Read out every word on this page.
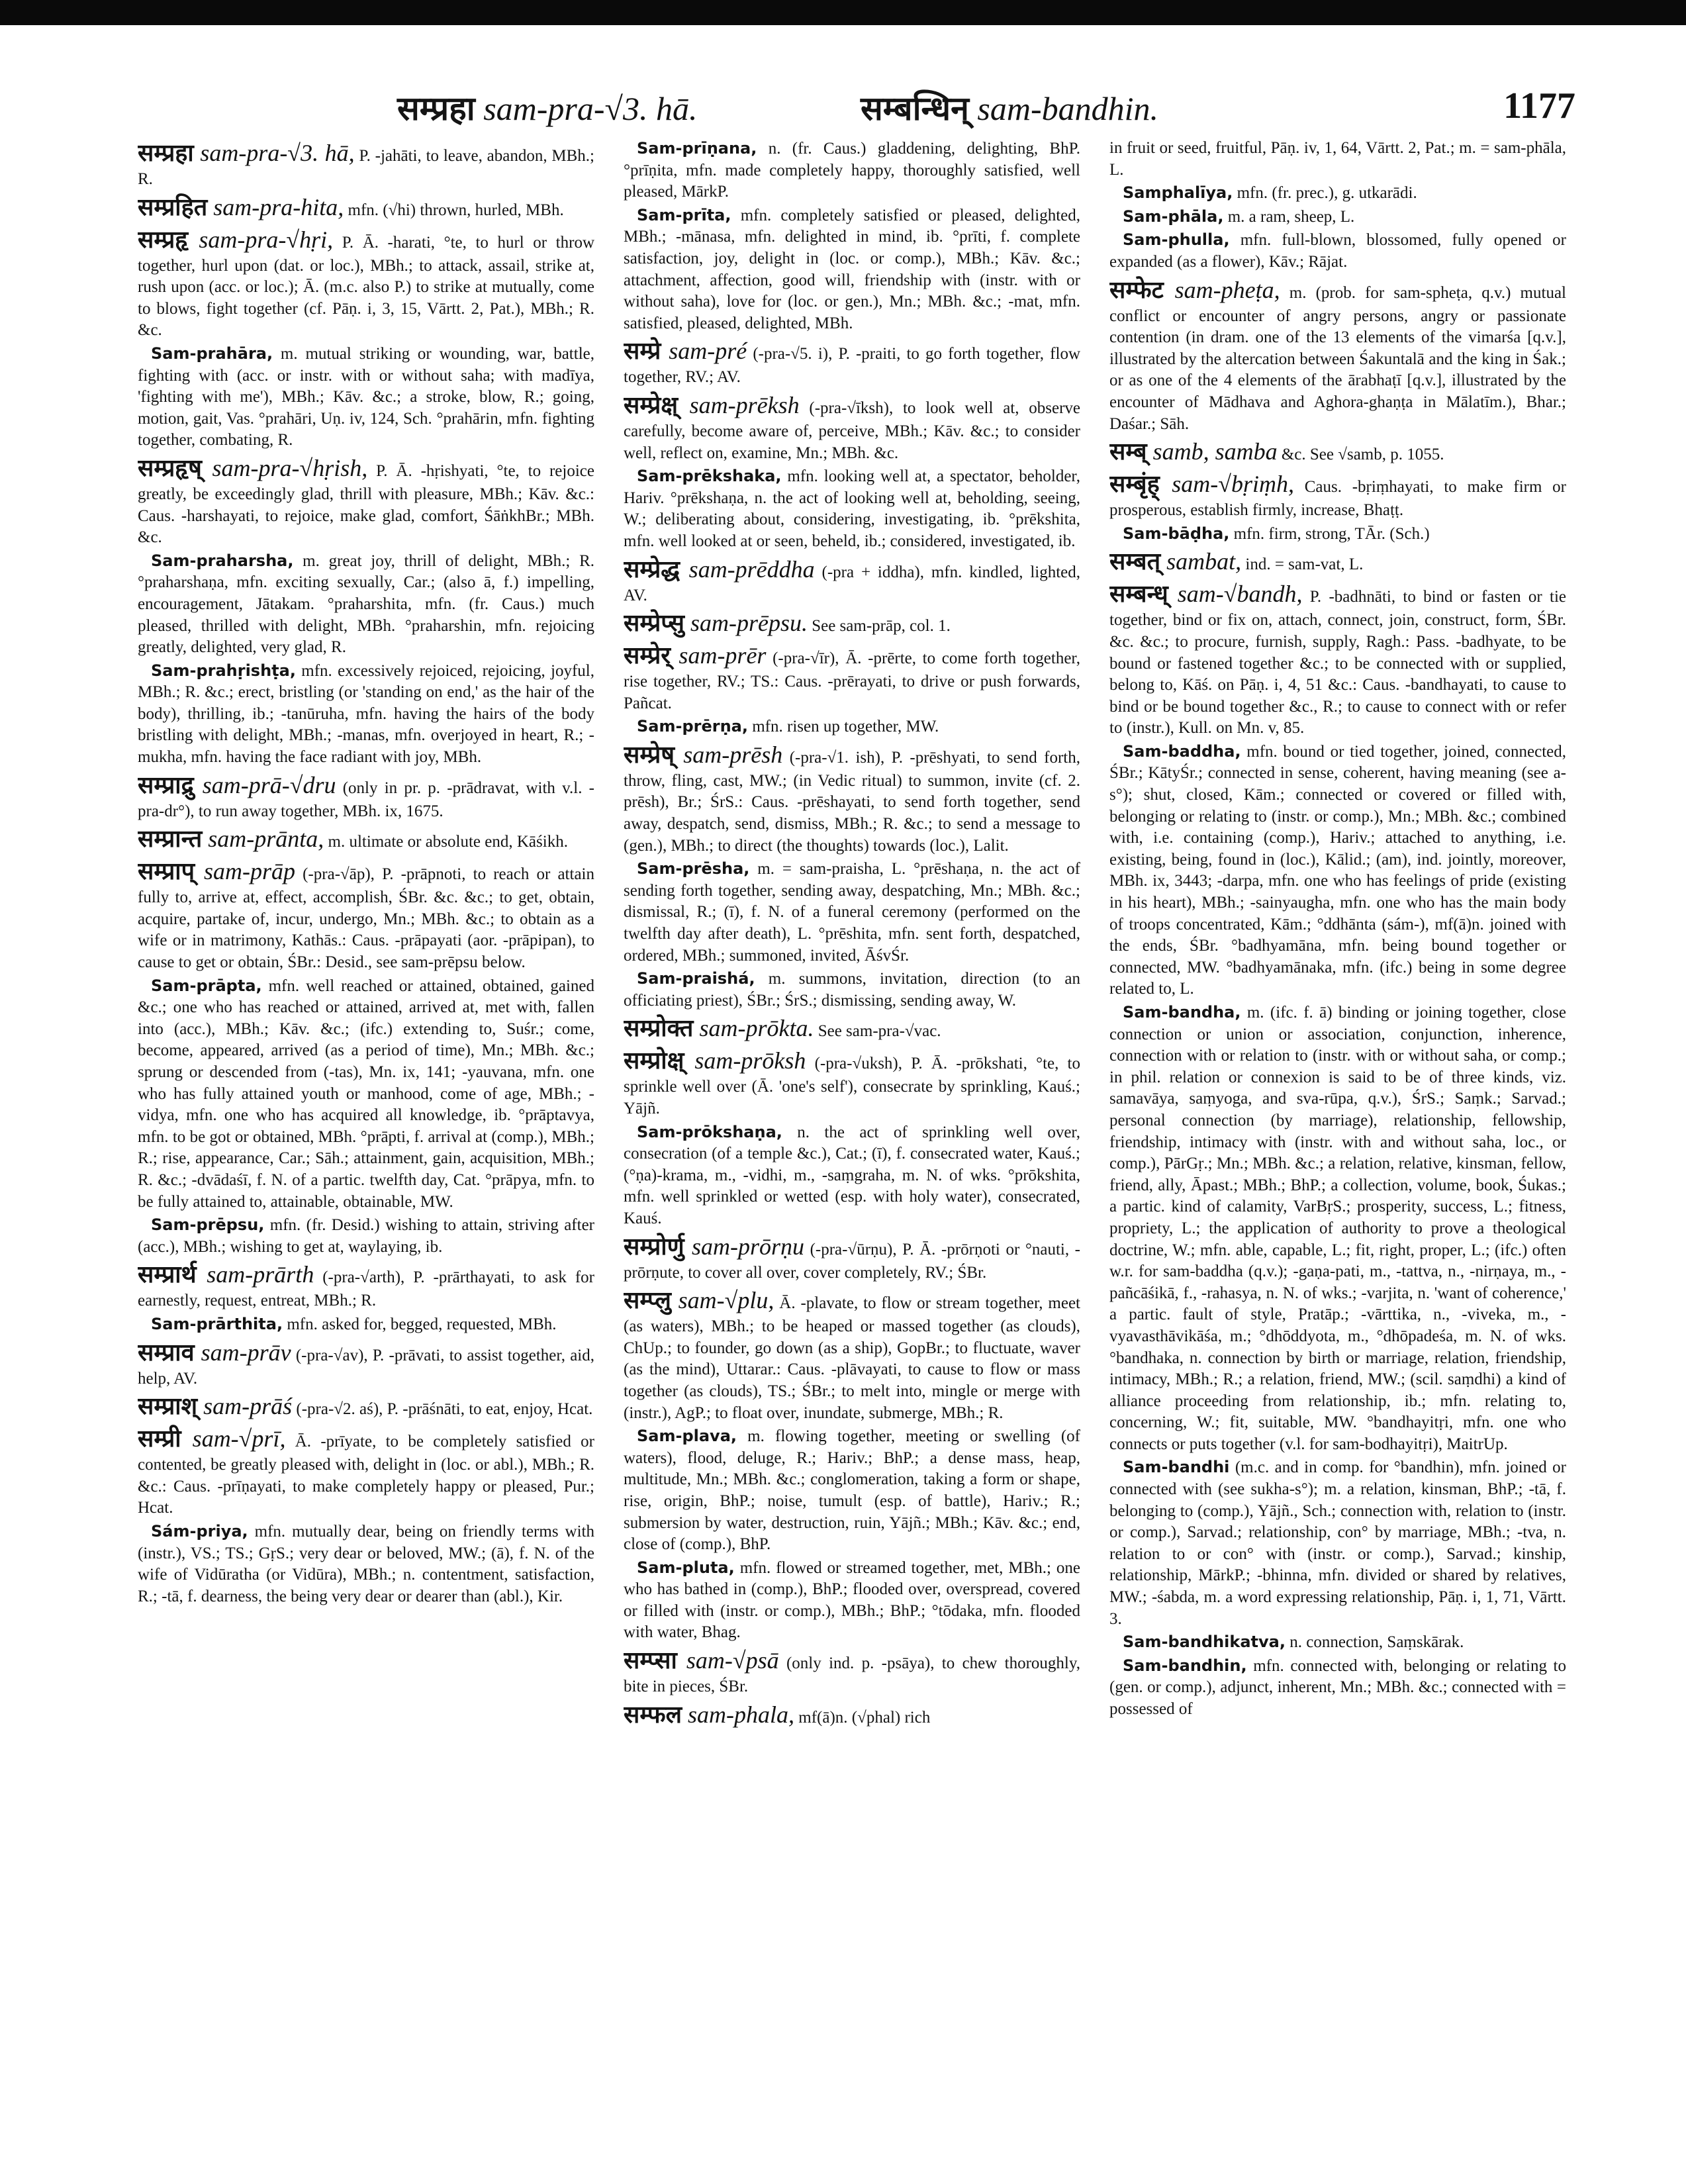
सम्प्रहा sam-pra-√3. hā.	सम्बन्धिन् sam-bandhin.	1177

सम्प्रहा sam-pra-√3. hā, P. -jahāti, to leave, abandon, MBh.; R.

सम्प्रहित sam-pra-hita, mfn. (√hi) thrown, hurled, MBh.

सम्प्रहृ sam-pra-√hṛi, P. Ā. -harati, °te, to hurl or throw together, hurl upon (dat. or loc.), MBh.; to attack, assail, strike at, rush upon (acc. or loc.); Ā. (m.c. also P.) to strike at mutually, come to blows, fight together (cf. Pāṇ. i, 3, 15, Vārtt. 2, Pat.), MBh.; R. &c.

Sam-prahāra, m. mutual striking or wounding, war, battle, fighting with (acc. or instr. with or without saha; with madīya, 'fighting with me'), MBh.; Kāv. &c.; a stroke, blow, R.; going, motion, gait, Vas. °prahāri, Uṇ. iv, 124, Sch. °prahārin, mfn. fighting together, combating, R.

सम्प्रहृष् sam-pra-√hṛish, P. Ā. -hṛishyati, °te, to rejoice greatly, be exceedingly glad, thrill with pleasure, MBh.; Kāv. &c.: Caus. -harshayati, to rejoice, make glad, comfort, ŚāṅkhBr.; MBh. &c.

Sam-praharsha, m. great joy, thrill of delight, MBh.; R. °praharshaṇa, mfn. exciting sexually, Car.; (also ā, f.) impelling, encouragement, Jātakam. °praharshita, mfn. (fr. Caus.) much pleased, thrilled with delight, MBh. °praharshin, mfn. rejoicing greatly, delighted, very glad, R.

Sam-prahṛishṭa, mfn. excessively rejoiced, rejoicing, joyful, MBh.; R. &c.; erect, bristling (or 'standing on end,' as the hair of the body), thrilling, ib.; -tanūruha, mfn. having the hairs of the body bristling with delight, MBh.; -manas, mfn. overjoyed in heart, R.; -mukha, mfn. having the face radiant with joy, MBh.

सम्प्राद्रु sam-prā-√dru (only in pr. p. -prādravat, with v.l. -pra-dr°), to run away together, MBh. ix, 1675.

सम्प्रान्त sam-prānta, m. ultimate or absolute end, Kāśikh.

सम्प्राप् sam-prāp (-pra-√āp), P. -prāpnoti, to reach or attain fully to, arrive at, effect, accomplish, ŚBr. &c. &c.; to get, obtain, acquire, partake of, incur, undergo, Mn.; MBh. &c.; to obtain as a wife or in matrimony, Kathās.: Caus. -prāpayati (aor. -prāpipan), to cause to get or obtain, ŚBr.: Desid., see sam-prēpsu below.

Sam-prāpta, mfn. well reached or attained, obtained, gained &c.; one who has reached or attained, arrived at, met with, fallen into (acc.), MBh.; Kāv. &c.; (ifc.) extending to, Suśr.; come, become, appeared, arrived (as a period of time), Mn.; MBh. &c.; sprung or descended from (-tas), Mn. ix, 141; -yauvana, mfn. one who has fully attained youth or manhood, come of age, MBh.; -vidya, mfn. one who has acquired all knowledge, ib. °prāptavya, mfn. to be got or obtained, MBh. °prāpti, f. arrival at (comp.), MBh.; R.; rise, appearance, Car.; Sāh.; attainment, gain, acquisition, MBh.; R. &c.; -dvādaśī, f. N. of a partic. twelfth day, Cat. °prāpya, mfn. to be fully attained to, attainable, obtainable, MW.

Sam-prēpsu, mfn. (fr. Desid.) wishing to attain, striving after (acc.), MBh.; wishing to get at, waylaying, ib.

सम्प्रार्थ sam-prārth (-pra-√arth), P. -prārthayati, to ask for earnestly, request, entreat, MBh.; R.

Sam-prārthita, mfn. asked for, begged, requested, MBh.

सम्प्राव sam-prāv (-pra-√av), P. -prāvati, to assist together, aid, help, AV.

सम्प्राश् sam-prāś (-pra-√2. aś), P. -prāśnāti, to eat, enjoy, Hcat.

सम्प्री sam-√prī, Ā. -prīyate, to be completely satisfied or contented, be greatly pleased with, delight in (loc. or abl.), MBh.; R. &c.: Caus. -prīṇayati, to make completely happy or pleased, Pur.; Hcat.

Sám-priya, mfn. mutually dear, being on friendly terms with (instr.), VS.; TS.; GṛS.; very dear or beloved, MW.; (ā), f. N. of the wife of Vidūratha (or Vidūra), MBh.; n. contentment, satisfaction, R.; -tā, f. dearness, the being very dear or dearer than (abl.), Kir.

Sam-prīṇana, n. (fr. Caus.) gladdening, delighting, BhP. °prīṇita, mfn. made completely happy, thoroughly satisfied, well pleased, MārkP.

Sam-prīta, mfn. completely satisfied or pleased, delighted, MBh.; -mānasa, mfn. delighted in mind, ib. °prīti, f. complete satisfaction, joy, delight in (loc. or comp.), MBh.; Kāv. &c.; attachment, affection, good will, friendship with (instr. with or without saha), love for (loc. or gen.), Mn.; MBh. &c.; -mat, mfn. satisfied, pleased, delighted, MBh.

सम्प्रे sam-pré (-pra-√5. i), P. -praiti, to go forth together, flow together, RV.; AV.

सम्प्रेक्ष् sam-prēksh (-pra-√īksh), to look well at, observe carefully, become aware of, perceive, MBh.; Kāv. &c.; to consider well, reflect on, examine, Mn.; MBh. &c.

Sam-prēkshaka, mfn. looking well at, a spectator, beholder, Hariv. °prēkshaṇa, n. the act of looking well at, beholding, seeing, W.; deliberating about, considering, investigating, ib. °prēkshita, mfn. well looked at or seen, beheld, ib.; considered, investigated, ib.

सम्प्रेद्ध sam-prēddha (-pra + iddha), mfn. kindled, lighted, AV.

सम्प्रेप्सु sam-prēpsu. See sam-prāp, col. 1.

सम्प्रेर् sam-prēr (-pra-√īr), Ā. -prērte, to come forth together, rise together, RV.; TS.: Caus. -prērayati, to drive or push forwards, Pañcat.

Sam-prērṇa, mfn. risen up together, MW.

सम्प्रेष् sam-prēsh (-pra-√1. ish), P. -prēshyati, to send forth, throw, fling, cast, MW.; (in Vedic ritual) to summon, invite (cf. 2. prēsh), Br.; ŚrS.: Caus. -prēshayati, to send forth together, send away, despatch, send, dismiss, MBh.; R. &c.; to send a message to (gen.), MBh.; to direct (the thoughts) towards (loc.), Lalit.

Sam-prēsha, m. = sam-praisha, L. °prēshaṇa, n. the act of sending forth together, sending away, despatching, Mn.; MBh. &c.; dismissal, R.; (ī), f. N. of a funeral ceremony (performed on the twelfth day after death), L. °prēshita, mfn. sent forth, despatched, ordered, MBh.; summoned, invited, ĀśvŚr.

Sam-praishá, m. summons, invitation, direction (to an officiating priest), ŚBr.; ŚrS.; dismissing, sending away, W.

सम्प्रोक्त sam-prōkta. See sam-pra-√vac.

सम्प्रोक्ष् sam-prōksh (-pra-√uksh), P. Ā. -prōkshati, °te, to sprinkle well over (Ā. 'one's self'), consecrate by sprinkling, Kauś.; Yājñ.

Sam-prōkshaṇa, n. the act of sprinkling well over, consecration (of a temple &c.), Cat.; (ī), f. consecrated water, Kauś.; (°ṇa)-krama, m., -vidhi, m., -saṃgraha, m. N. of wks. °prōkshita, mfn. well sprinkled or wetted (esp. with holy water), consecrated, Kauś.

सम्प्रोर्णु sam-prōrṇu (-pra-√ūrṇu), P. Ā. -prōrṇoti or °nauti, -prōrṇute, to cover all over, cover completely, RV.; ŚBr.

सम्प्लु sam-√plu, Ā. -plavate, to flow or stream together, meet (as waters), MBh.; to be heaped or massed together (as clouds), ChUp.; to founder, go down (as a ship), GopBr.; to fluctuate, waver (as the mind), Uttarar.: Caus. -plāvayati, to cause to flow or mass together (as clouds), TS.; ŚBr.; to melt into, mingle or merge with (instr.), AgP.; to float over, inundate, submerge, MBh.; R.

Sam-plava, m. flowing together, meeting or swelling (of waters), flood, deluge, R.; Hariv.; BhP.; a dense mass, heap, multitude, Mn.; MBh. &c.; conglomeration, taking a form or shape, rise, origin, BhP.; noise, tumult (esp. of battle), Hariv.; R.; submersion by water, destruction, ruin, Yājñ.; MBh.; Kāv. &c.; end, close of (comp.), BhP.

Sam-pluta, mfn. flowed or streamed together, met, MBh.; one who has bathed in (comp.), BhP.; flooded over, overspread, covered or filled with (instr. or comp.), MBh.; BhP.; °tōdaka, mfn. flooded with water, Bhag.

सम्प्सा sam-√psā (only ind. p. -psāya), to chew thoroughly, bite in pieces, ŚBr.

सम्फल sam-phala, mf(ā)n. (√phal) rich

in fruit or seed, fruitful, Pāṇ. iv, 1, 64, Vārtt. 2, Pat.; m. = sam-phāla, L.

Samphalīya, mfn. (fr. prec.), g. utkarādi.

Sam-phāla, m. a ram, sheep, L.

Sam-phulla, mfn. full-blown, blossomed, fully opened or expanded (as a flower), Kāv.; Rājat.

सम्फेट sam-pheṭa, m. (prob. for sam-spheṭa, q.v.) mutual conflict or encounter of angry persons, angry or passionate contention (in dram. one of the 13 elements of the vimarśa [q.v.], illustrated by the altercation between Śakuntalā and the king in Śak.; or as one of the 4 elements of the ārabhaṭī [q.v.], illustrated by the encounter of Mādhava and Aghora-ghaṇṭa in Mālatīm.), Bhar.; Daśar.; Sāh.

सम्ब् samb, samba &c. See √samb, p. 1055.

सम्बृंह् sam-√bṛiṃh, Caus. -bṛiṃhayati, to make firm or prosperous, establish firmly, increase, Bhaṭṭ.

Sam-bāḍha, mfn. firm, strong, TĀr. (Sch.)

सम्बत् sambat, ind. = sam-vat, L.

सम्बन्ध् sam-√bandh, P. -badhnāti, to bind or fasten or tie together, bind or fix on, attach, connect, join, construct, form, ŚBr. &c. &c.; to procure, furnish, supply, Ragh.: Pass. -badhyate, to be bound or fastened together &c.; to be connected with or supplied, belong to, Kāś. on Pāṇ. i, 4, 51 &c.: Caus. -bandhayati, to cause to bind or be bound together &c., R.; to cause to connect with or refer to (instr.), Kull. on Mn. v, 85.

Sam-baddha, mfn. bound or tied together, joined, connected, ŚBr.; KātyŚr.; connected in sense, coherent, having meaning (see a-s°); shut, closed, Kām.; connected or covered or filled with, belonging or relating to (instr. or comp.), Mn.; MBh. &c.; combined with, i.e. containing (comp.), Hariv.; attached to anything, i.e. existing, being, found in (loc.), Kālid.; (am), ind. jointly, moreover, MBh. ix, 3443; -darpa, mfn. one who has feelings of pride (existing in his heart), MBh.; -sainyaugha, mfn. one who has the main body of troops concentrated, Kām.; °ddhānta (sám-), mf(ā)n. joined with the ends, ŚBr. °badhyamāna, mfn. being bound together or connected, MW. °badhyamānaka, mfn. (ifc.) being in some degree related to, L.

Sam-bandha, m. (ifc. f. ā) binding or joining together, close connection or union or association, conjunction, inherence, connection with or relation to (instr. with or without saha, or comp.; in phil. relation or connexion is said to be of three kinds, viz. samavāya, saṃyoga, and sva-rūpa, q.v.), ŚrS.; Saṃk.; Sarvad.; personal connection (by marriage), relationship, fellowship, friendship, intimacy with (instr. with and without saha, loc., or comp.), PārGṛ.; Mn.; MBh. &c.; a relation, relative, kinsman, fellow, friend, ally, Āpast.; MBh.; BhP.; a collection, volume, book, Śukas.; a partic. kind of calamity, VarBṛS.; prosperity, success, L.; fitness, propriety, L.; the application of authority to prove a theological doctrine, W.; mfn. able, capable, L.; fit, right, proper, L.; (ifc.) often w.r. for sam-baddha (q.v.); -gaṇa-pati, m., -tattva, n., -nirṇaya, m., -pañcāśikā, f., -rahasya, n. N. of wks.; -varjita, n. 'want of coherence,' a partic. fault of style, Pratāp.; -vārttika, n., -viveka, m., -vyavasthāvikāśa, m.; °dhōddyota, m., °dhōpadeśa, m. N. of wks. °bandhaka, n. connection by birth or marriage, relation, friendship, intimacy, MBh.; R.; a relation, friend, MW.; (scil. saṃdhi) a kind of alliance proceeding from relationship, ib.; mfn. relating to, concerning, W.; fit, suitable, MW. °bandhayitṛi, mfn. one who connects or puts together (v.l. for sam-bodhayitṛi), MaitrUp.

Sam-bandhi (m.c. and in comp. for °bandhin), mfn. joined or connected with (see sukha-s°); m. a relation, kinsman, BhP.; -tā, f. belonging to (comp.), Yājñ., Sch.; connection with, relation to (instr. or comp.), Sarvad.; relationship, con° by marriage, MBh.; -tva, n. relation to or con° with (instr. or comp.), Sarvad.; kinship, relationship, MārkP.; -bhinna, mfn. divided or shared by relatives, MW.; -śabda, m. a word expressing relationship, Pāṇ. i, 1, 71, Vārtt. 3.

Sam-bandhikatva, n. connection, Saṃskārak.

Sam-bandhin, mfn. connected with, belonging or relating to (gen. or comp.), adjunct, inherent, Mn.; MBh. &c.; connected with = possessed of
